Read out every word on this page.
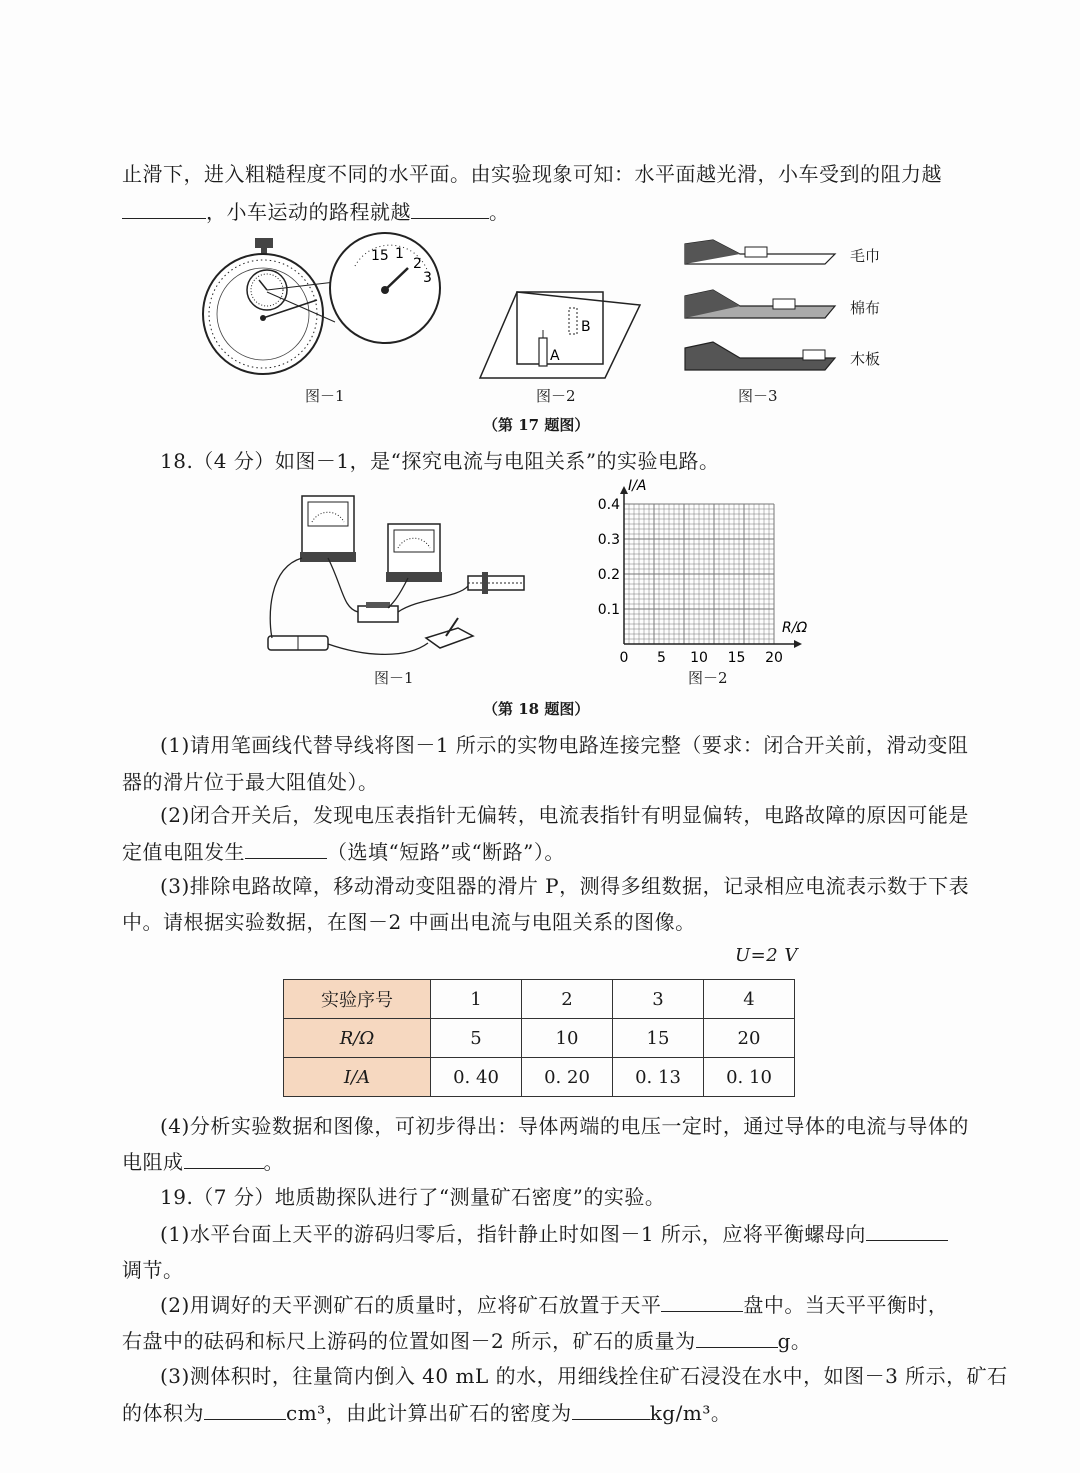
止滑下，进入粗糙程度不同的水平面。由实验现象可知：水平面越光滑，小车受到的阻力越
，小车运动的路程就越	。
15 1
2
3
B
A
毛巾
棉布
木板
图－1	图－2	图－3
（第 17 题图）
18.（4 分）如图－1，是“探究电流与电阻关系”的实验电路。
图－1
0 5 10 15 20
0.1
0.2
0.3
0.4
R/Ω
I/A
图－2
（第 18 题图）
(1)请用笔画线代替导线将图－1 所示的实物电路连接完整（要求：闭合开关前，滑动变阻
器的滑片位于最大阻值处）。
(2)闭合开关后，发现电压表指针无偏转，电流表指针有明显偏转，电路故障的原因可能是
定值电阻发生	（选填“短路”或“断路”）。
(3)排除电路故障，移动滑动变阻器的滑片 P，测得多组数据，记录相应电流表示数于下表
中。请根据实验数据，在图－2 中画出电流与电阻关系的图像。
U=2 V
实验序号	1	2	3	4
R/Ω	5	10	15	20
I/A	0. 40	0. 20	0. 13	0. 10
(4)分析实验数据和图像，可初步得出：导体两端的电压一定时，通过导体的电流与导体的
电阻成	。
19.（7 分）地质勘探队进行了“测量矿石密度”的实验。
(1)水平台面上天平的游码归零后，指针静止时如图－1 所示，应将平衡螺母向
调节。
(2)用调好的天平测矿石的质量时，应将矿石放置于天平	盘中。当天平平衡时，
右盘中的砝码和标尺上游码的位置如图－2 所示，矿石的质量为	g。
(3)测体积时，往量筒内倒入 40 mL 的水，用细线拴住矿石浸没在水中，如图－3 所示，矿石
的体积为	cm³，由此计算出矿石的密度为	kg/m³。
